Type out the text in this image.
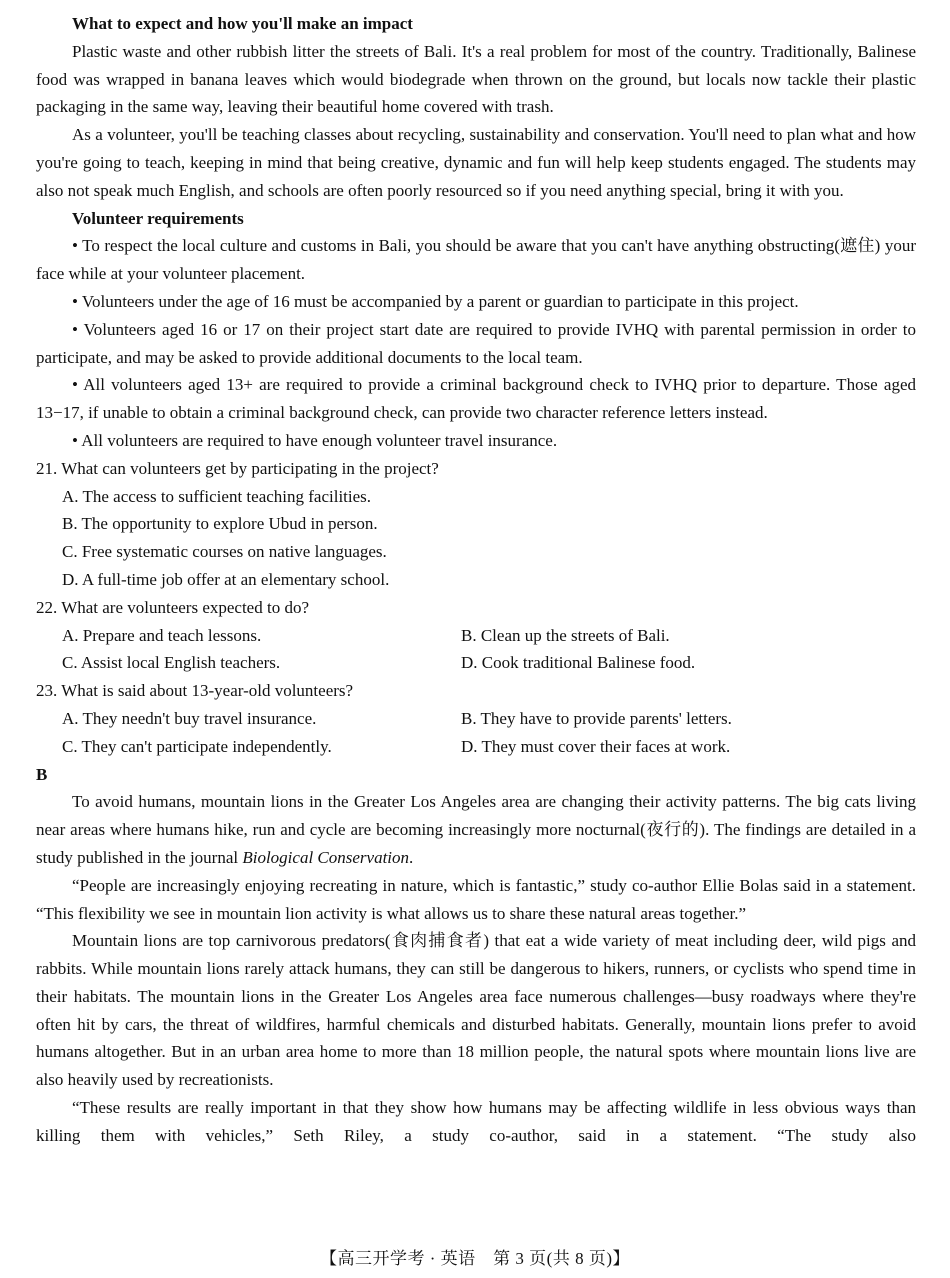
What to expect and how you'll make an impact

Plastic waste and other rubbish litter the streets of Bali. It's a real problem for most of the country. Traditionally, Balinese food was wrapped in banana leaves which would biodegrade when thrown on the ground, but locals now tackle their plastic packaging in the same way, leaving their beautiful home covered with trash.

As a volunteer, you'll be teaching classes about recycling, sustainability and conservation. You'll need to plan what and how you're going to teach, keeping in mind that being creative, dynamic and fun will help keep students engaged. The students may also not speak much English, and schools are often poorly resourced so if you need anything special, bring it with you.

Volunteer requirements

• To respect the local culture and customs in Bali, you should be aware that you can't have anything obstructing(遮住) your face while at your volunteer placement.

• Volunteers under the age of 16 must be accompanied by a parent or guardian to participate in this project.

• Volunteers aged 16 or 17 on their project start date are required to provide IVHQ with parental permission in order to participate, and may be asked to provide additional documents to the local team.

• All volunteers aged 13+ are required to provide a criminal background check to IVHQ prior to departure. Those aged 13−17, if unable to obtain a criminal background check, can provide two character reference letters instead.

• All volunteers are required to have enough volunteer travel insurance.

21. What can volunteers get by participating in the project?

A. The access to sufficient teaching facilities.

B. The opportunity to explore Ubud in person.

C. Free systematic courses on native languages.

D. A full-time job offer at an elementary school.

22. What are volunteers expected to do?

A. Prepare and teach lessons.	B. Clean up the streets of Bali.
C. Assist local English teachers.	D. Cook traditional Balinese food.

23. What is said about 13-year-old volunteers?

A. They needn't buy travel insurance.	B. They have to provide parents' letters.
C. They can't participate independently.	D. They must cover their faces at work.

B

To avoid humans, mountain lions in the Greater Los Angeles area are changing their activity patterns. The big cats living near areas where humans hike, run and cycle are becoming increasingly more nocturnal(夜行的). The findings are detailed in a study published in the journal Biological Conservation.

“People are increasingly enjoying recreating in nature, which is fantastic,” study co-author Ellie Bolas said in a statement. “This flexibility we see in mountain lion activity is what allows us to share these natural areas together.”

Mountain lions are top carnivorous predators(食肉捕食者) that eat a wide variety of meat including deer, wild pigs and rabbits. While mountain lions rarely attack humans, they can still be dangerous to hikers, runners, or cyclists who spend time in their habitats. The mountain lions in the Greater Los Angeles area face numerous challenges—busy roadways where they're often hit by cars, the threat of wildfires, harmful chemicals and disturbed habitats. Generally, mountain lions prefer to avoid humans altogether. But in an urban area home to more than 18 million people, the natural spots where mountain lions live are also heavily used by recreationists.

“These results are really important in that they show how humans may be affecting wildlife in less obvious ways than killing them with vehicles,” Seth Riley, a study co-author, said in a statement. “The study also

【高三开学考 · 英语　第 3 页(共 8 页)】
